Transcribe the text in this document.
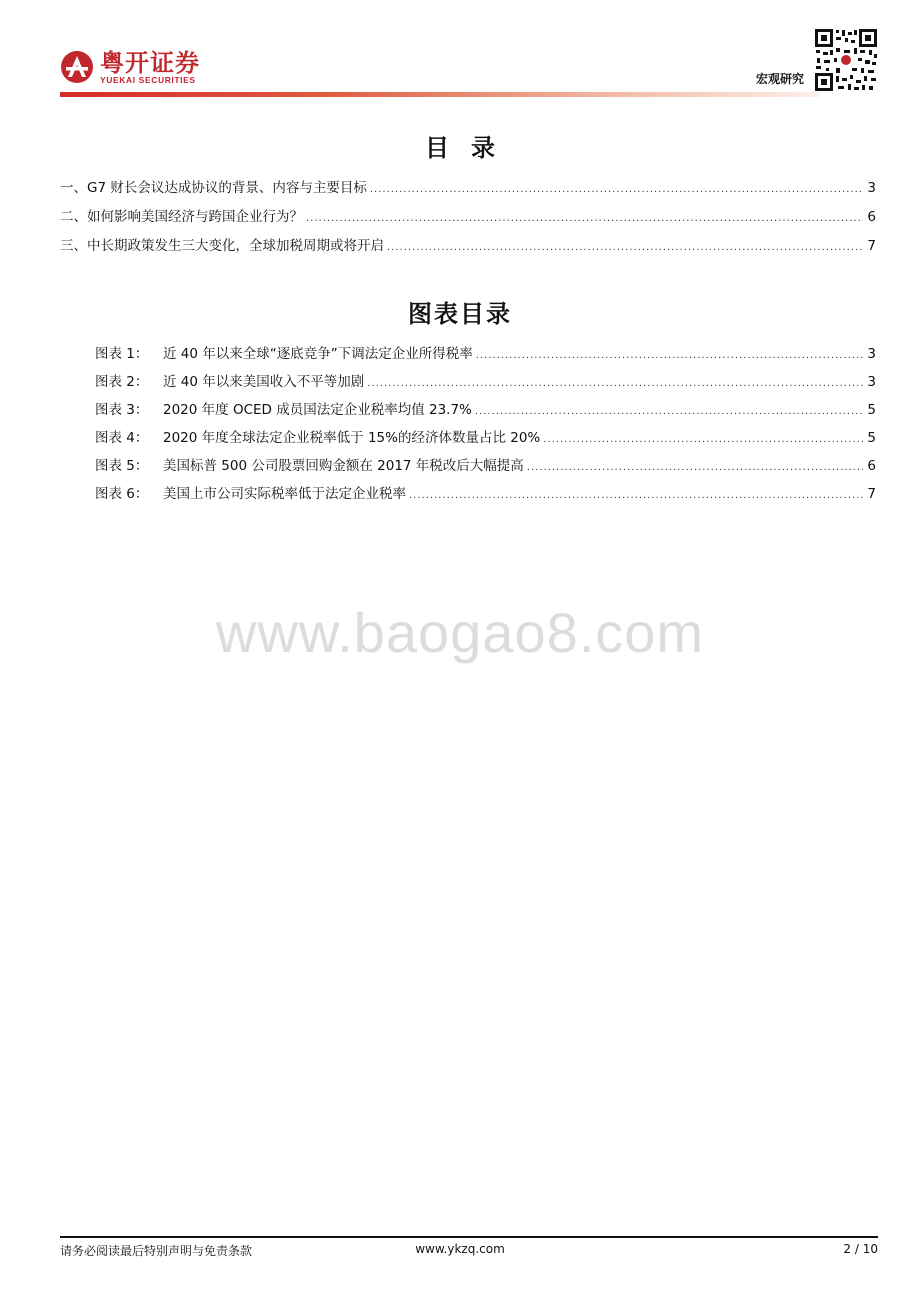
粤开证券
YUEKAI SECURITIES	宏观研究
目录
一、 G7 财长会议达成协议的背景、内容与主要目标 .....	3
二、 如何影响美国经济与跨国企业行为？ .....	6
三、 中长期政策发生三大变化，全球加税周期或将开启 .....	7
图表目录
图表 1：	近 40 年以来全球“逐底竞争”下调法定企业所得税率 .....	3
图表 2：	近 40 年以来美国收入不平等加剧 .....	3
图表 3：	2020 年度 OCED 成员国法定企业税率均值 23.7% .....	5
图表 4：	2020 年度全球法定企业税率低于 15%的经济体数量占比 20% .....	5
图表 5：	美国标普 500 公司股票回购金额在 2017 年税改后大幅提高 .....	6
图表 6：	美国上市公司实际税率低于法定企业税率 .....	7
www.baogao8.com
请务必阅读最后特别声明与免责条款	www.ykzq.com	2 / 10
